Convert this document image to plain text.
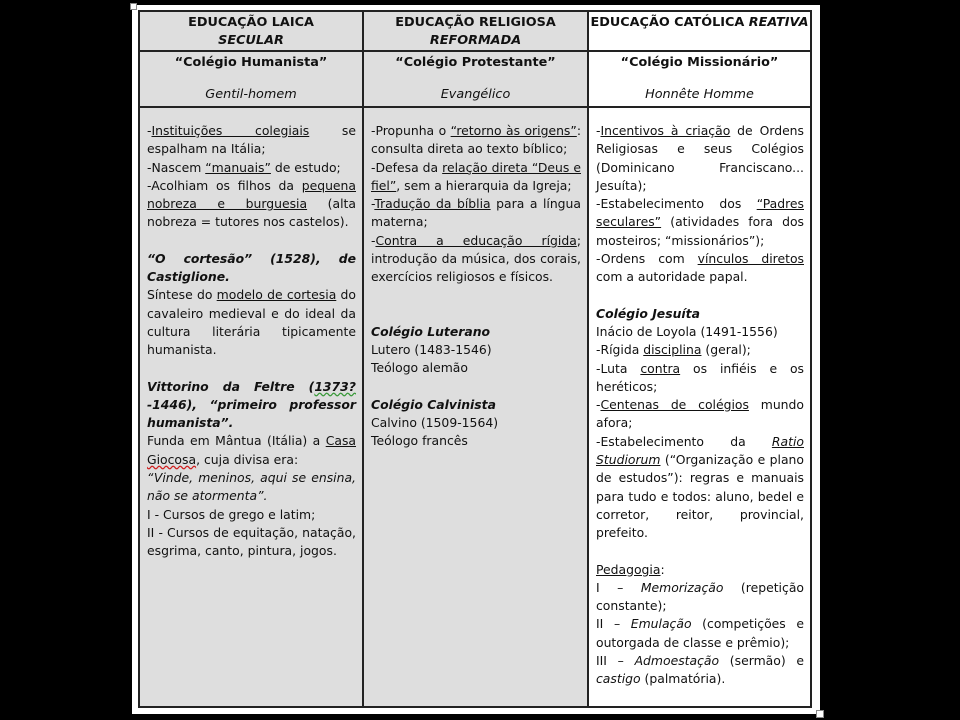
EDUCAÇÃO LAICA
SECULAR
EDUCAÇÃO RELIGIOSA
REFORMADA
EDUCAÇÃO CATÓLICA REATIVA
“Colégio Humanista”
Gentil-homem
“Colégio Protestante”
Evangélico
“Colégio Missionário”
Honnête Homme

-Instituições colegiais se espalham na Itália;

-Nascem “manuais” de estudo;

-Acolhiam os filhos da pequena nobreza e burguesia (alta nobreza = tutores nos castelos).

“O cortesão” (1528), de Castiglione.

Síntese do modelo de cortesia do cavaleiro medieval e do ideal da cultura literária tipicamente humanista.

Vittorino da Feltre (1373?-1446), “primeiro professor humanista”.

Funda em Mântua (Itália) a Casa Giocosa, cuja divisa era:

“Vinde, meninos, aqui se ensina, não se atormenta”.

I - Cursos de grego e latim;

II - Cursos de equitação, natação, esgrima, canto, pintura, jogos.

-Propunha o “retorno às origens”: consulta direta ao texto bíblico;

-Defesa da relação direta “Deus e fiel”, sem a hierarquia da Igreja;

-Tradução da bíblia para a língua materna;

-Contra a educação rígida; introdução da música, dos corais, exercícios religiosos e físicos.

Colégio Luterano

Lutero (1483-1546)

Teólogo alemão

Colégio Calvinista

Calvino (1509-1564)

Teólogo francês

-Incentivos à criação de Ordens Religiosas e seus Colégios (Dominicano Franciscano... Jesuíta);

-Estabelecimento dos “Padres seculares” (atividades fora dos mosteiros; “missionários”);

-Ordens com vínculos diretos com a autoridade papal.

Colégio Jesuíta

Inácio de Loyola (1491-1556)

-Rígida disciplina (geral);

-Luta contra os infiéis e os heréticos;

-Centenas de colégios mundo afora;

-Estabelecimento da Ratio Studiorum (“Organização e plano de estudos”): regras e manuais para tudo e todos: aluno, bedel e corretor, reitor, provincial, prefeito.

Pedagogia:

I – Memorização (repetição constante);

II – Emulação (competições e outorgada de classe e prêmio);

III – Admoestação (sermão) e castigo (palmatória).
